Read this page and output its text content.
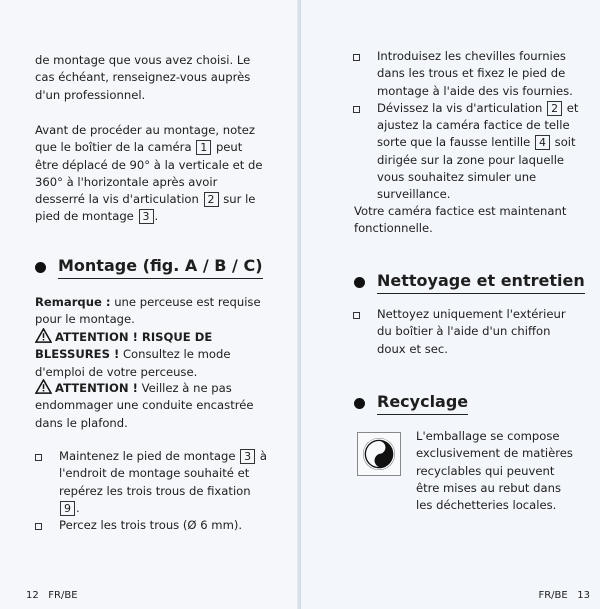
de montage que vous avez choisi. Le cas échéant, renseignez-vous auprès d'un professionnel.

Avant de procéder au montage, notez que le boîtier de la caméra 1 peut être déplacé de 90° à la verticale et de 360° à l'horizontale après avoir desserré la vis d'articulation 2 sur le pied de montage 3 .

Montage (fig. A / B / C)

Remarque : une perceuse est requise pour le montage.

ATTENTION ! RISQUE DE BLESSURES ! Consultez le mode d'emploi de votre perceuse.

ATTENTION ! Veillez à ne pas endommager une conduite encastrée dans le plafond.

Maintenez le pied de montage 3 à l'endroit de montage souhaité et repérez les trois trous de fixation 9 .
Percez les trois trous (Ø 6 mm).
12 FR/BE
Introduisez les chevilles fournies dans les trous et fixez le pied de montage à l'aide des vis fournies.
Dévissez la vis d'articulation 2 et ajustez la caméra factice de telle sorte que la fausse lentille 4 soit dirigée sur la zone pour laquelle vous souhaitez simuler une surveillance.

Votre caméra factice est maintenant fonctionnelle.

Nettoyage et entretien
Nettoyez uniquement l'extérieur du boîtier à l'aide d'un chiffon doux et sec.
Recyclage

L'emballage se compose exclusivement de matières recyclables qui peuvent être mises au rebut dans les déchetteries locales.

FR/BE 13
